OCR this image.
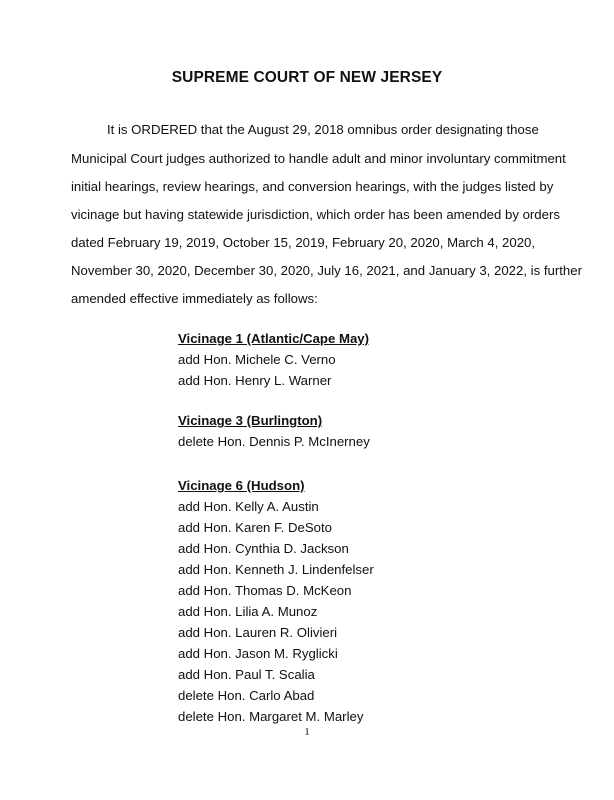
SUPREME COURT OF NEW JERSEY
It is ORDERED that the August 29, 2018 omnibus order designating those
Municipal Court judges authorized to handle adult and minor involuntary commitment
initial hearings, review hearings, and conversion hearings, with the judges listed by
vicinage but having statewide jurisdiction, which order has been amended by orders
dated February 19, 2019, October 15, 2019, February 20, 2020, March 4, 2020,
November 30, 2020, December 30, 2020, July 16, 2021, and January 3, 2022, is further
amended effective immediately as follows:
Vicinage 1 (Atlantic/Cape May)
add Hon. Michele C. Verno
add Hon. Henry L. Warner
Vicinage 3 (Burlington)
delete Hon. Dennis P. McInerney
Vicinage 6 (Hudson)
add Hon. Kelly A. Austin
add Hon. Karen F. DeSoto
add Hon. Cynthia D. Jackson
add Hon. Kenneth J. Lindenfelser
add Hon. Thomas D. McKeon
add Hon. Lilia A. Munoz
add Hon. Lauren R. Olivieri
add Hon. Jason M. Ryglicki
add Hon. Paul T. Scalia
delete Hon. Carlo Abad
delete Hon. Margaret M. Marley
1
